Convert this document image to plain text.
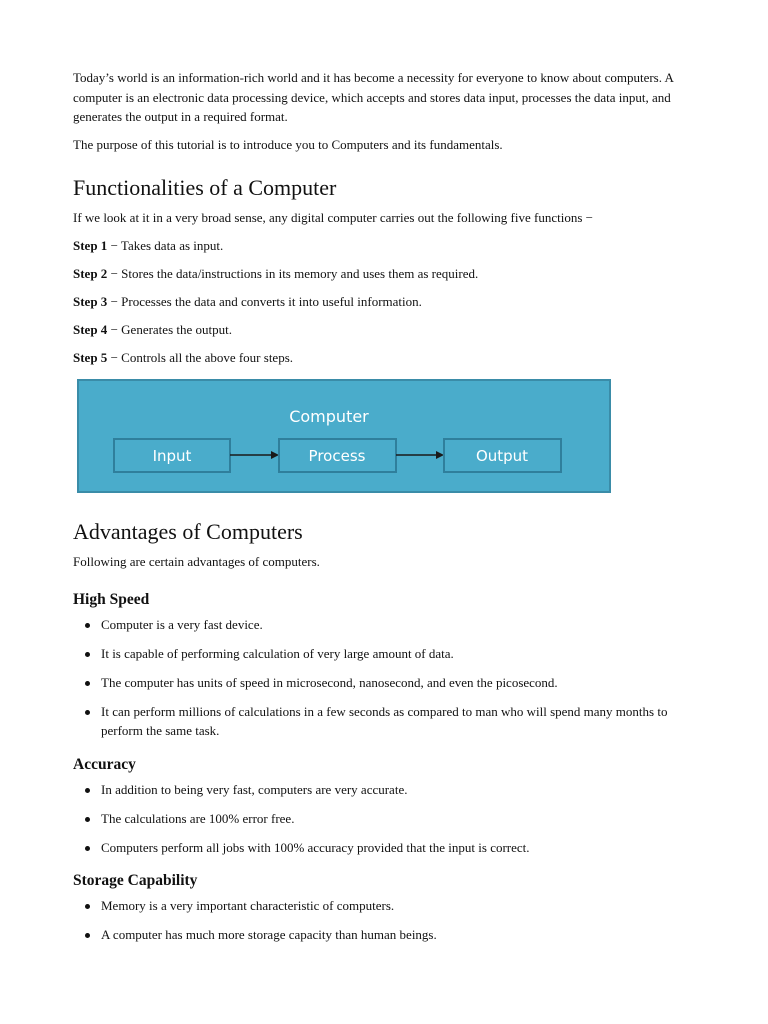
Today’s world is an information-rich world and it has become a necessity for everyone to know about computers. A computer is an electronic data processing device, which accepts and stores data input, processes the data input, and generates the output in a required format.

The purpose of this tutorial is to introduce you to Computers and its fundamentals.

Functionalities of a Computer

If we look at it in a very broad sense, any digital computer carries out the following five functions −

Step 1 − Takes data as input.

Step 2 − Stores the data/instructions in its memory and uses them as required.

Step 3 − Processes the data and converts it into useful information.

Step 4 − Generates the output.

Step 5 − Controls all the above four steps.

Computer
Input	Process	Output
Advantages of Computers

Following are certain advantages of computers.

High Speed
Computer is a very fast device.
It is capable of performing calculation of very large amount of data.
The computer has units of speed in microsecond, nanosecond, and even the picosecond.
It can perform millions of calculations in a few seconds as compared to man who will spend many months to perform the same task.
Accuracy
In addition to being very fast, computers are very accurate.
The calculations are 100% error free.
Computers perform all jobs with 100% accuracy provided that the input is correct.
Storage Capability
Memory is a very important characteristic of computers.
A computer has much more storage capacity than human beings.
